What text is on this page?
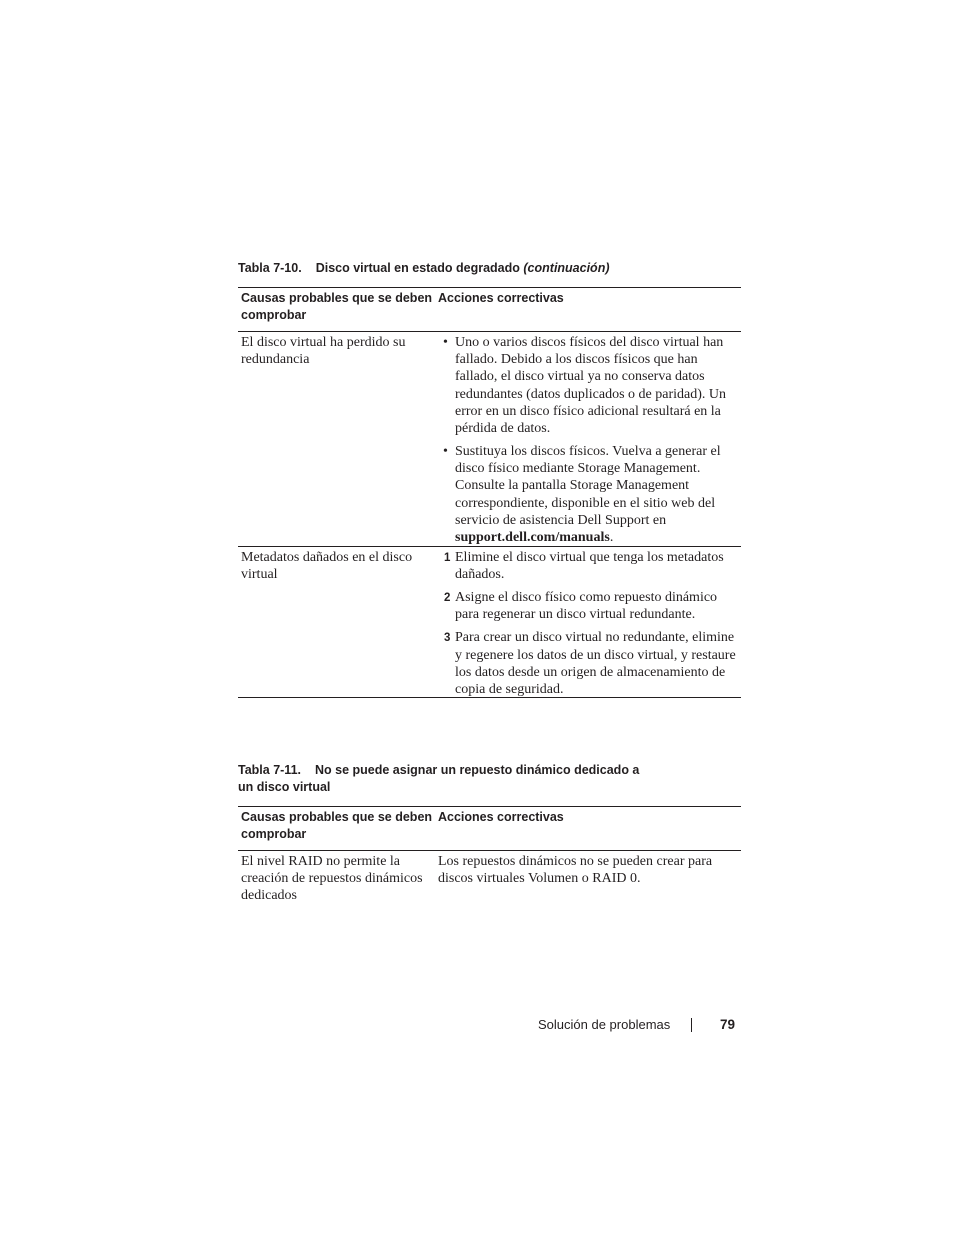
Tabla 7-10. Disco virtual en estado degradado (continuación)
Causas probables que se deben comprobar
Acciones correctivas
El disco virtual ha perdido su redundancia
• Uno o varios discos físicos del disco virtual han fallado. Debido a los discos físicos que han fallado, el disco virtual ya no conserva datos redundantes (datos duplicados o de paridad). Un error en un disco físico adicional resultará en la pérdida de datos.
• Sustituya los discos físicos. Vuelva a generar el disco físico mediante Storage Management. Consulte la pantalla Storage Management correspondiente, disponible en el sitio web del servicio de asistencia Dell Support en support.dell.com/manuals.
Metadatos dañados en el disco virtual
1 Elimine el disco virtual que tenga los metadatos dañados.
2 Asigne el disco físico como repuesto dinámico para regenerar un disco virtual redundante.
3 Para crear un disco virtual no redundante, elimine y regenere los datos de un disco virtual, y restaure los datos desde un origen de almacenamiento de copia de seguridad.
Tabla 7-11. No se puede asignar un repuesto dinámico dedicado a un disco virtual
Causas probables que se deben comprobar
Acciones correctivas
El nivel RAID no permite la creación de repuestos dinámicos dedicados
Los repuestos dinámicos no se pueden crear para discos virtuales Volumen o RAID 0.
Solución de problemas	79
